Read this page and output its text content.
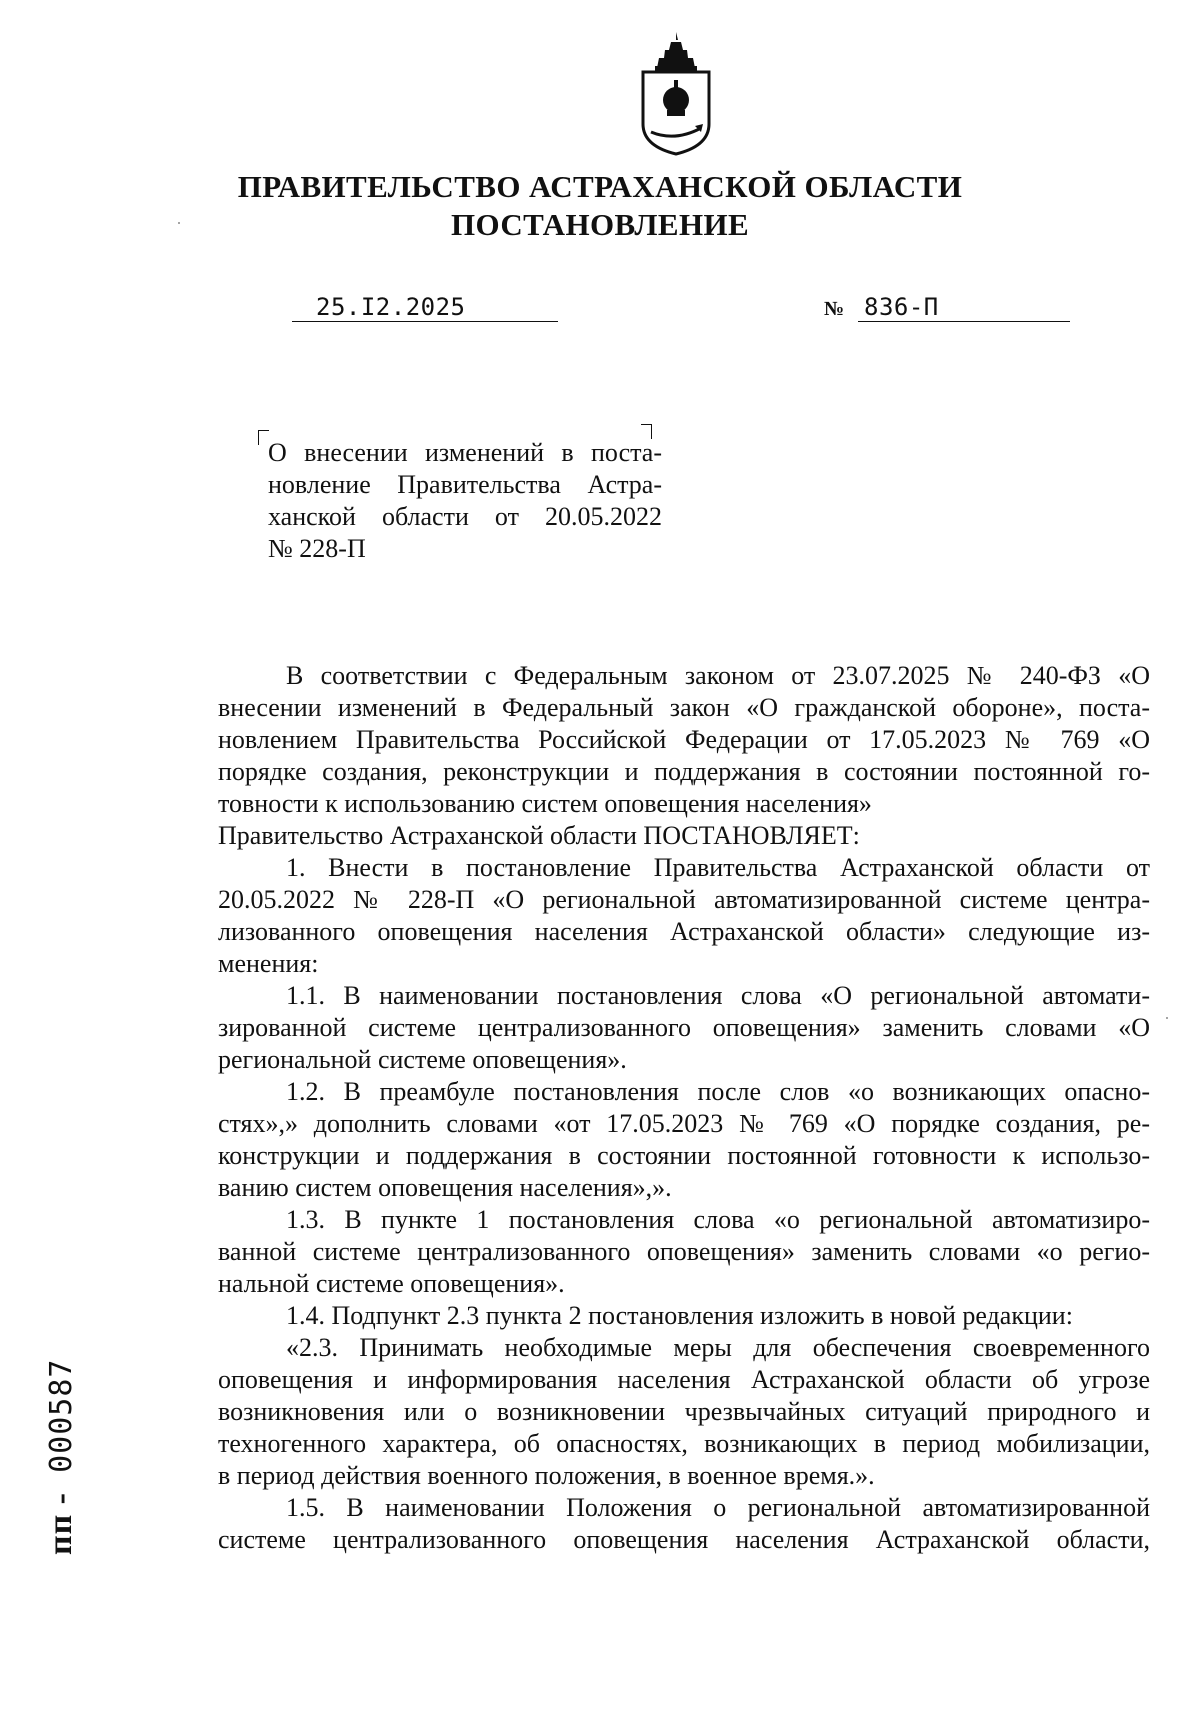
ПРАВИТЕЛЬСТВО АСТРАХАНСКОЙ ОБЛАСТИ
ПОСТАНОВЛЕНИЕ
25.I2.2025	№ 836-П
О внесении изменений в поста-
новление Правительства Астра-
ханской области от 20.05.2022
№ 228-П
В соответствии с Федеральным законом от 23.07.2025 № 240-ФЗ «О
внесении изменений в Федеральный закон «О гражданской обороне», поста-
новлением Правительства Российской Федерации от 17.05.2023 № 769 «О
порядке создания, реконструкции и поддержания в состоянии постоянной го-
товности к использованию систем оповещения населения»
Правительство Астраханской области ПОСТАНОВЛЯЕТ:
1. Внести в постановление Правительства Астраханской области от
20.05.2022 № 228-П «О региональной автоматизированной системе центра-
лизованного оповещения населения Астраханской области» следующие из-
менения:
1.1. В наименовании постановления слова «О региональной автомати-
зированной системе централизованного оповещения» заменить словами «О
региональной системе оповещения».
1.2. В преамбуле постановления после слов «о возникающих опасно-
стях»,» дополнить словами «от 17.05.2023 № 769 «О порядке создания, ре-
конструкции и поддержания в состоянии постоянной готовности к использо-
ванию систем оповещения населения»,».
1.3. В пункте 1 постановления слова «о региональной автоматизиро-
ванной системе централизованного оповещения» заменить словами «о регио-
нальной системе оповещения».
1.4. Подпункт 2.3 пункта 2 постановления изложить в новой редакции:
«2.3. Принимать необходимые меры для обеспечения своевременного
оповещения и информирования населения Астраханской области об угрозе
возникновения или о возникновении чрезвычайных ситуаций природного и
техногенного характера, об опасностях, возникающих в период мобилизации,
в период действия военного положения, в военное время.».
1.5. В наименовании Положения о региональной автоматизированной
системе централизованного оповещения населения Астраханской области,
пп - 000587
